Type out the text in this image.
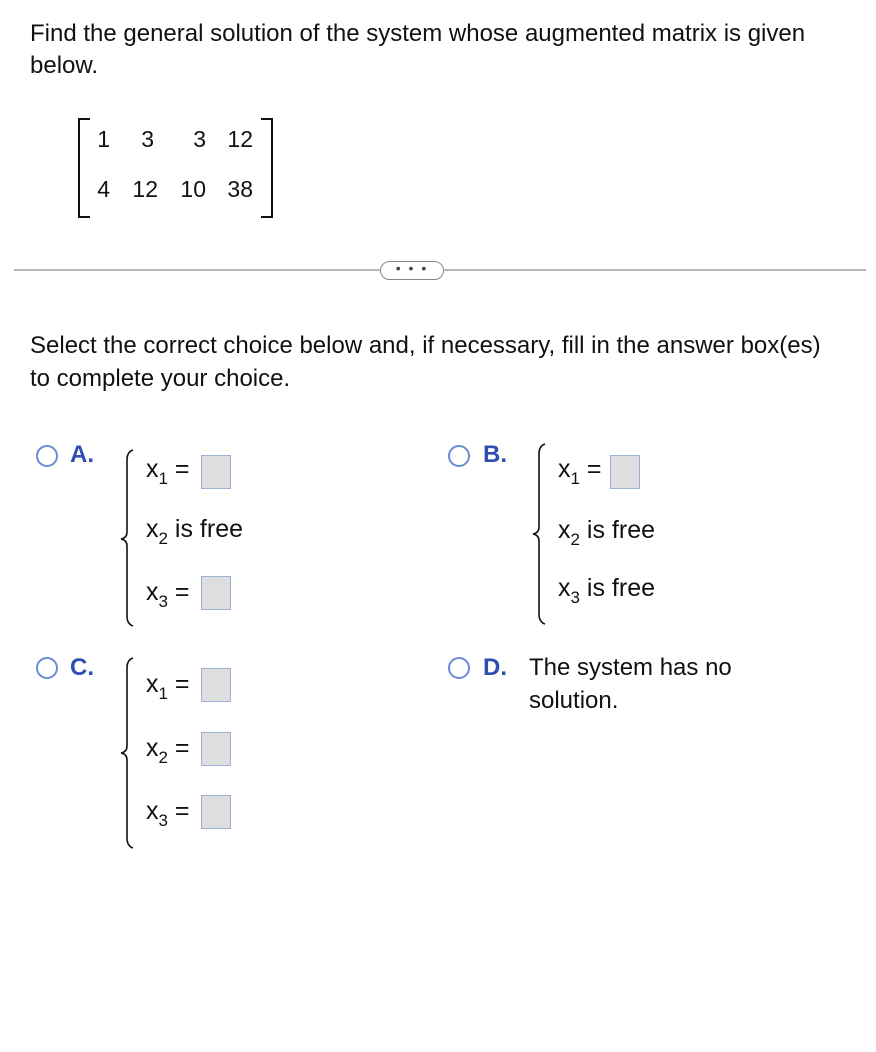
Find the general solution of the system whose augmented matrix is given below.
1	3	3 12
4 12 10 38
• • •
Select the correct choice below and, if necessary, fill in the answer box(es) to complete your choice.
A.
$x_1$ =
$x_2$ is free
$x_3$ =
B.
$x_1$ =
$x_2$ is free
$x_3$ is free
C.
$x_1$ =
$x_2$ =
$x_3$ =
D. The system has no solution.
